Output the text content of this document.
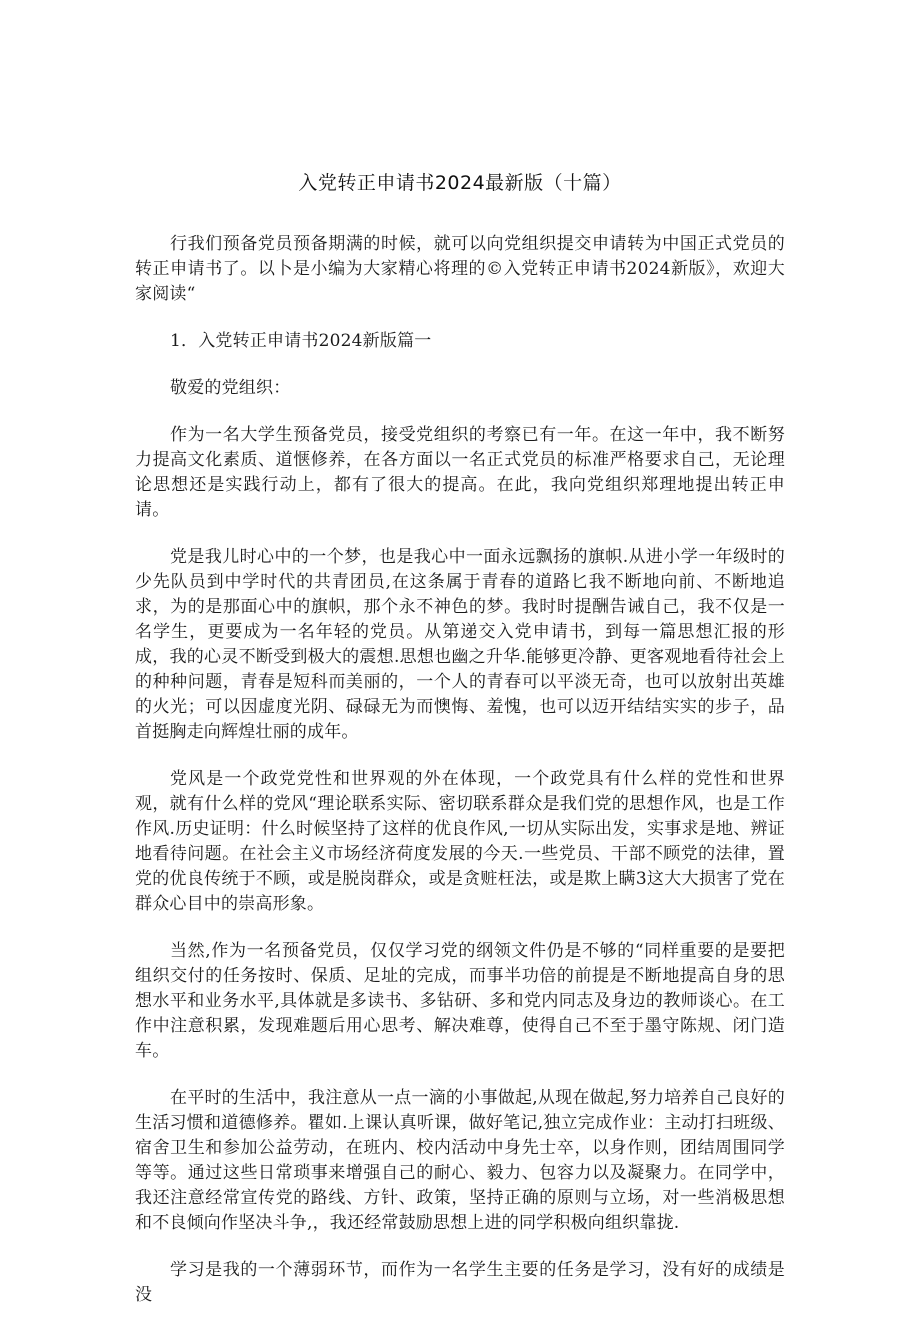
入党转正申请书2024最新版（十篇）

行我们预备党员预备期满的时候，就可以向党组织提交申请转为中国正式党员的转正申请书了。以卜是小编为大家精心将理的©入党转正申请书2024新版》，欢迎大家阅读“

1．入党转正申请书2024新版篇一

敬爱的党组织：

作为一名大学生预备党员，接受党组织的考察已有一年。在这一年中，我不断努力提高文化素质、道惬修养，在各方面以一名正式党员的标准严格要求自己，无论理论思想还是实践行动上，都有了很大的提高。在此，我向党组织郑理地提出转正申请。

党是我儿时心中的一个梦，也是我心中一面永远飘扬的旗帜.从进小学一年级时的少先队员到中学时代的共青团员,在这条属于青春的道路匕我不断地向前、不断地追求，为的是那面心中的旗帜，那个永不神色的梦。我时时提酬告诫自己，我不仅是一名学生，更要成为一名年轻的党员。从第递交入党申请书，到每一篇思想汇报的形成，我的心灵不断受到极大的震想.思想也幽之升华.能够更冷静、更客观地看待社会上的种种问题，青春是短科而美丽的，一个人的青春可以平淡无奇，也可以放射出英雄的火光；可以因虚度光阴、碌碌无为而懊悔、羞愧，也可以迈开结结实实的步子，品首挺胸走向辉煌壮丽的成年。

党风是一个政党党性和世界观的外在体现，一个政党具有什么样的党性和世界观，就有什么样的党风“理论联系实际、密切联系群众是我们党的思想作风，也是工作作风.历史证明：什么时候坚持了这样的优良作风,一切从实际出发，实事求是地、辨证地看待问题。在社会主义市场经济荷度发展的今天.一些党员、干部不顾党的法律，置党的优良传统于不顾，或是脱岗群众，或是贪赃枉法，或是欺上瞒3这大大损害了党在群众心目中的崇高形象。

当然,作为一名预备党员，仅仅学习党的纲领文件仍是不够的“同样重要的是要把组织交付的任务按时、保质、足址的完成，而事半功倍的前提是不断地提高自身的思想水平和业务水平,具体就是多读书、多钻研、多和党内同志及身边的教师谈心。在工作中注意积累，发现难题后用心思考、解决难尊，使得自己不至于墨守陈规、闭门造车。

在平时的生活中，我注意从一点一滴的小事做起,从现在做起,努力培养自己良好的生活习惯和道德修养。瞿如.上课认真听课，做好笔记,独立完成作业：主动打扫班级、宿舍卫生和参加公益劳动，在班内、校内活动中身先士卒，以身作则，团结周围同学等等。通过这些日常琐事来增强自己的耐心、毅力、包容力以及凝聚力。在同学中，我还注意经常宣传党的路线、方针、政策，坚持正确的原则与立场，对一些消极思想和不良倾向作坚决斗争,，我还经常鼓励思想上进的同学积极向组织靠拢.

学习是我的一个薄弱环节，而作为一名学生主要的任务是学习，没有好的成绩是没
